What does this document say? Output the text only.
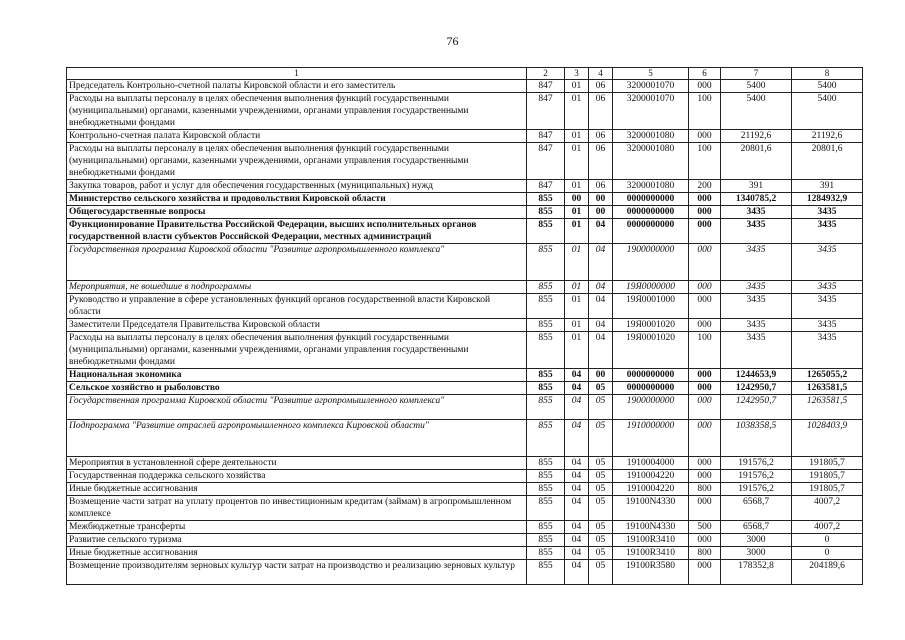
76
1	2	3	4	5	6	7	8
Председатель Контрольно-счетной палаты Кировской области и его заместитель	847	01	06	3200001070	000	5400	5400
Расходы на выплаты персоналу в целях обеспечения выполнения функций государственными (муниципальными) органами, казенными учреждениями, органами управления государственными внебюджетными фондами	847	01	06	3200001070	100	5400	5400
Контрольно-счетная палата Кировской области	847	01	06	3200001080	000	21192,6	21192,6
Расходы на выплаты персоналу в целях обеспечения выполнения функций государственными (муниципальными) органами, казенными учреждениями, органами управления государственными внебюджетными фондами	847	01	06	3200001080	100	20801,6	20801,6
Закупка товаров, работ и услуг для обеспечения государственных (муниципальных) нужд	847	01	06	3200001080	200	391	391
Министерство сельского хозяйства и продовольствия Кировской области	855	00	00	0000000000	000	1340785,2	1284932,9
Общегосударственные вопросы	855	01	00	0000000000	000	3435	3435
Функционирование Правительства Российской Федерации, высших исполнительных органов государственной власти субъектов Российской Федерации, местных администраций	855	01	04	0000000000	000	3435	3435
Государственная программа Кировской области "Развитие агропромышленного комплекса"	855	01	04	1900000000	000	3435	3435
Мероприятия, не вошедшие в подпрограммы	855	01	04	19Я0000000	000	3435	3435
Руководство и управление в сфере установленных функций органов государственной власти Кировской области	855	01	04	19Я0001000	000	3435	3435
Заместители Председателя Правительства Кировской области	855	01	04	19Я0001020	000	3435	3435
Расходы на выплаты персоналу в целях обеспечения выполнения функций государственными (муниципальными) органами, казенными учреждениями, органами управления государственными внебюджетными фондами	855	01	04	19Я0001020	100	3435	3435
Национальная экономика	855	04	00	0000000000	000	1244653,9	1265055,2
Сельское хозяйство и рыболовство	855	04	05	0000000000	000	1242950,7	1263581,5
Государственная программа Кировской области "Развитие агропромышленного комплекса"	855	04	05	1900000000	000	1242950,7	1263581,5
Подпрограмма "Развитие отраслей агропромышленного комплекса Кировской области"	855	04	05	1910000000	000	1038358,5	1028403,9
Мероприятия в установленной сфере деятельности	855	04	05	1910004000	000	191576,2	191805,7
Государственная поддержка сельского хозяйства	855	04	05	1910004220	000	191576,2	191805,7
Иные бюджетные ассигнования	855	04	05	1910004220	800	191576,2	191805,7
Возмещение части затрат на уплату процентов по инвестиционным кредитам (займам) в агропромышленном комплексе	855	04	05	19100N4330	000	6568,7	4007,2
Межбюджетные трансферты	855	04	05	19100N4330	500	6568,7	4007,2
Развитие сельского туризма	855	04	05	19100R3410	000	3000	0
Иные бюджетные ассигнования	855	04	05	19100R3410	800	3000	0
Возмещение производителям зерновых культур части затрат на производство и реализацию зерновых культур	855	04	05	19100R3580	000	178352,8	204189,6
